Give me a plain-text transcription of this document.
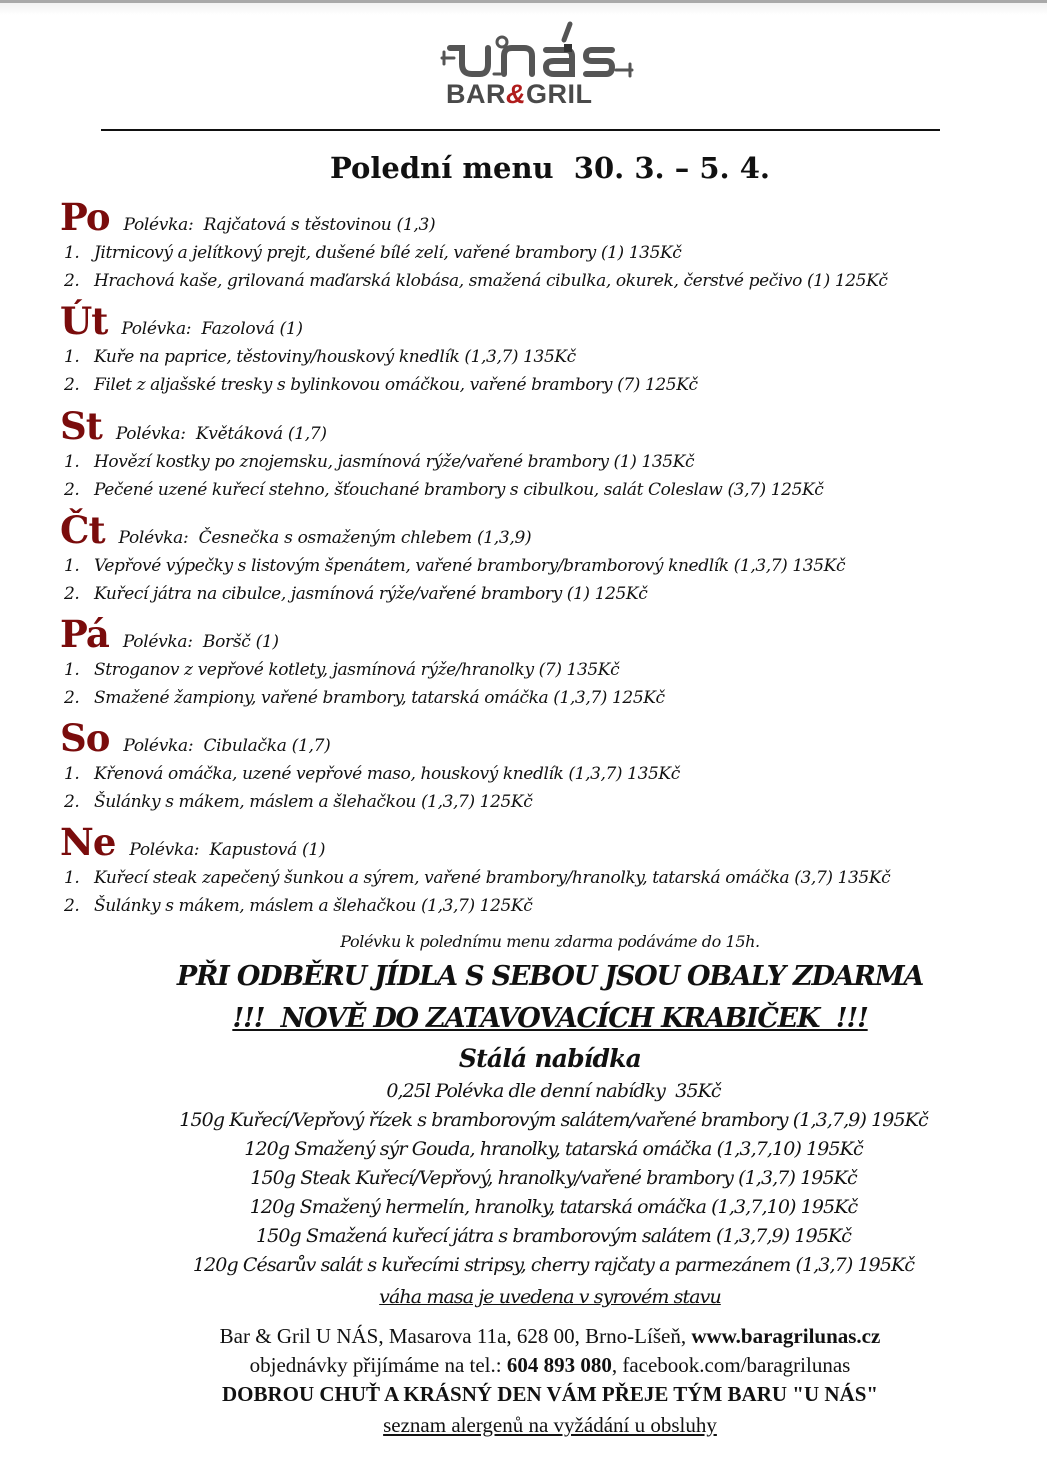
BAR&GRIL
Polední menu  30. 3. – 5. 4.
Po Polévka:  Rajčatová s těstovinou (1,3)
1. Jitrnicový a jelítkový prejt, dušené bílé zelí, vařené brambory (1) 135Kč
2. Hrachová kaše, grilovaná maďarská klobása, smažená cibulka, okurek, čerstvé pečivo (1) 125Kč
Út Polévka:  Fazolová (1)
1. Kuře na paprice, těstoviny/houskový knedlík (1,3,7) 135Kč
2. Filet z aljašské tresky s bylinkovou omáčkou, vařené brambory (7) 125Kč
St Polévka:  Květáková (1,7)
1. Hovězí kostky po znojemsku, jasmínová rýže/vařené brambory (1) 135Kč
2. Pečené uzené kuřecí stehno, šťouchané brambory s cibulkou, salát Coleslaw (3,7) 125Kč
Čt Polévka:  Česnečka s osmaženým chlebem (1,3,9)
1. Vepřové výpečky s listovým špenátem, vařené brambory/bramborový knedlík (1,3,7) 135Kč
2. Kuřecí játra na cibulce, jasmínová rýže/vařené brambory (1) 125Kč
Pá Polévka:  Boršč (1)
1. Stroganov z vepřové kotlety, jasmínová rýže/hranolky (7) 135Kč
2. Smažené žampiony, vařené brambory, tatarská omáčka (1,3,7) 125Kč
So Polévka:  Cibulačka (1,7)
1. Křenová omáčka, uzené vepřové maso, houskový knedlík (1,3,7) 135Kč
2. Šulánky s mákem, máslem a šlehačkou (1,3,7) 125Kč
Ne Polévka:  Kapustová (1)
1. Kuřecí steak zapečený šunkou a sýrem, vařené brambory/hranolky, tatarská omáčka (3,7) 135Kč
2. Šulánky s mákem, máslem a šlehačkou (1,3,7) 125Kč
Polévku k polednímu menu zdarma podáváme do 15h.
PŘI ODBĚRU JÍDLA S SEBOU JSOU OBALY ZDARMA
!!!  NOVĚ DO ZATAVOVACÍCH KRABIČEK  !!!
Stálá nabídka
0,25l Polévka dle denní nabídky  35Kč
150g Kuřecí/Vepřový řízek s bramborovým salátem/vařené brambory (1,3,7,9) 195Kč
120g Smažený sýr Gouda, hranolky, tatarská omáčka (1,3,7,10) 195Kč
150g Steak Kuřecí/Vepřový, hranolky/vařené brambory (1,3,7) 195Kč
120g Smažený hermelín, hranolky, tatarská omáčka (1,3,7,10) 195Kč
150g Smažená kuřecí játra s bramborovým salátem (1,3,7,9) 195Kč
120g Césarův salát s kuřecími stripsy, cherry rajčaty a parmezánem (1,3,7) 195Kč
váha masa je uvedena v syrovém stavu
Bar & Gril U NÁS, Masarova 11a, 628 00, Brno-Líšeň, www.baragrilunas.cz
objednávky přijímáme na tel.: 604 893 080, facebook.com/baragrilunas
DOBROU CHUŤ A KRÁSNÝ DEN VÁM PŘEJE TÝM BARU "U NÁS"
seznam alergenů na vyžádání u obsluhy
